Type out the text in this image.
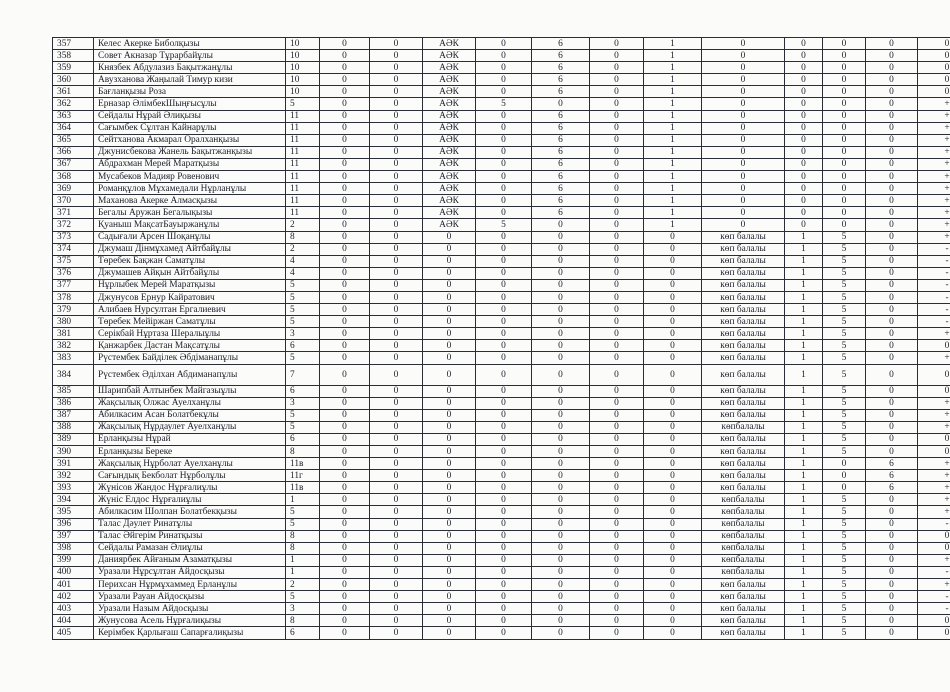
357	Келес Акерке Биболқызы	10	0	0	АӘК	0	6	0	1	0	0	0	0	0
358	Совет Акназар Тұрарбайұлы	10	0	0	АӘК	0	6	0	1	0	0	0	0	0
359	Князбек Абдулазиз Бақытжанұлы	10	0	0	АӘК	0	6	0	1	0	0	0	0	0
360	Авузханова Жаңылай Тимур кизи	10	0	0	АӘК	0	6	0	1	0	0	0	0	0
361	Бағланқызы Роза	10	0	0	АӘК	0	6	0	1	0	0	0	0	0
362	Ерназар ӘлімбекШыңғысұлы	5	0	0	АӘК	5	0	0	1	0	0	0	0	+
363	Сейдалы Нұрай Әлиқызы	11	0	0	АӘК	0	6	0	1	0	0	0	0	+
364	Сағымбек Сұлтан Кайнарұлы	11	0	0	АӘК	0	6	0	1	0	0	0	0	+
365	Сейтханова Акмарал Оралханқызы	11	0	0	АӘК	0	6	0	1	0	0	0	0	+
366	Джунисбекова Жанель Бақытжанқызы	11	0	0	АӘК	0	6	0	1	0	0	0	0	+
367	Абдрахман Мерей Маратқызы	11	0	0	АӘК	0	6	0	1	0	0	0	0	+
368	Мусабеков Мадияр Ровенович	11	0	0	АӘК	0	6	0	1	0	0	0	0	+
369	Романқұлов Мұхамедали Нұрланұлы	11	0	0	АӘК	0	6	0	1	0	0	0	0	+
370	Маханова Акерке Алмасқызы	11	0	0	АӘК	0	6	0	1	0	0	0	0	+
371	Бегалы Аружан Бегалықызы	11	0	0	АӘК	0	6	0	1	0	0	0	0	+
372	Қуаныш МақсатБауыржанұлы	2	0	0	АӘК	5	0	0	1	0	0	0	0	+
373	Садығали Арсен Шоқанұлы	8	0	0	0	0	0	0	0	көп балалы	1	5	0	+
374	Джумаш Дінмұхамед Айтбайұлы	2	0	0	0	0	0	0	0	көп балалы	1	5	0	-
375	Төребек Бақжан Саматұлы	4	0	0	0	0	0	0	0	көп балалы	1	5	0	-
376	Джумашев Айқын Айтбайұлы	4	0	0	0	0	0	0	0	көп балалы	1	5	0	-
377	Нұрлыбек Мерей Маратқызы	5	0	0	0	0	0	0	0	көп балалы	1	5	0	-
378	Джунусов Ернур Кайратович	5	0	0	0	0	0	0	0	көп балалы	1	5	0	-
379	Алибаев Нурсултан Ергалиевич	5	0	0	0	0	0	0	0	көп балалы	1	5	0	-
380	Төребек Мейіржан Саматұлы	5	0	0	0	0	0	0	0	көп балалы	1	5	0	-
381	Серікбай Нұртаза Шералыұлы	3	0	0	0	0	0	0	0	көп балалы	1	5	0	+
382	Қанжарбек Дастан Мақсатұлы	6	0	0	0	0	0	0	0	көп балалы	1	5	0	0
383	Рүстембек Байділек Әбдіманапұлы	5	0	0	0	0	0	0	0	көп балалы	1	5	0	+
384	Рүстембек Әділхан Абдиманапұлы	7	0	0	0	0	0	0	0	көп балалы	1	5	0	0
385	Шарипбай Алтынбек Майгазыұлы	6	0	0	0	0	0	0	0	көп балалы	1	5	0	0
386	Жақсылық Олжас Ауелханұлы	3	0	0	0	0	0	0	0	көп балалы	1	5	0	+
387	Абилкасим Асан Болатбекұлы	5	0	0	0	0	0	0	0	көп балалы	1	5	0	+
388	Жақсылық Нұрдаулет Ауелханұлы	5	0	0	0	0	0	0	0	көпбалалы	1	5	0	+
389	Ерланқызы Нұрай	6	0	0	0	0	0	0	0	көп балалы	1	5	0	0
390	Ерланқызы Береке	8	0	0	0	0	0	0	0	көп балалы	1	5	0	0
391	Жақсылық Нұрболат Ауелханұлы	11в	0	0	0	0	0	0	0	көп балалы	1	0	6	+
392	Сағындық Бекболат Нұрболұлы	11г	0	0	0	0	0	0	0	көп балалы	1	0	6	+
393	Жүнісов Жандос Нұрғалиұлы	11в	0	0	0	0	0	0	0	көп балалы	1	0	6	+
394	Жүніс Елдос Нұрғалиұлы	1	0	0	0	0	0	0	0	көпбалалы	1	5	0	+
395	Абилкасим Шолпан Болатбекқызы	5	0	0	0	0	0	0	0	көпбалалы	1	5	0	+
396	Талас Дәулет Ринатұлы	5	0	0	0	0	0	0	0	көпбалалы	1	5	0	-
397	Талас Әйгерім Ринатқызы	8	0	0	0	0	0	0	0	көпбалалы	1	5	0	0
398	Сейдалы Рамазан Әлиұлы	8	0	0	0	0	0	0	0	көпбалалы	1	5	0	0
399	Даниярбек Айғаным Азаматқызы	1	0	0	0	0	0	0	0	көпбалалы	1	5	0	+
400	Уразали Нұрсұлтан Айдосқызы	1	0	0	0	0	0	0	0	көпбалалы	1	5	0	-
401	Перихсан Нұрмұхаммед Ерланұлы	2	0	0	0	0	0	0	0	көп балалы	1	5	0	+
402	Уразали Рауан Айдосқызы	5	0	0	0	0	0	0	0	көп балалы	1	5	0	-
403	Уразали Назым Айдосқызы	3	0	0	0	0	0	0	0	көп балалы	1	5	0	-
404	Жунусова Асель Нұрғалиқызы	8	0	0	0	0	0	0	0	көп балалы	1	5	0	0
405	Керімбек Қарлығаш Сапарғалиқызы	6	0	0	0	0	0	0	0	көп балалы	1	5	0	0
